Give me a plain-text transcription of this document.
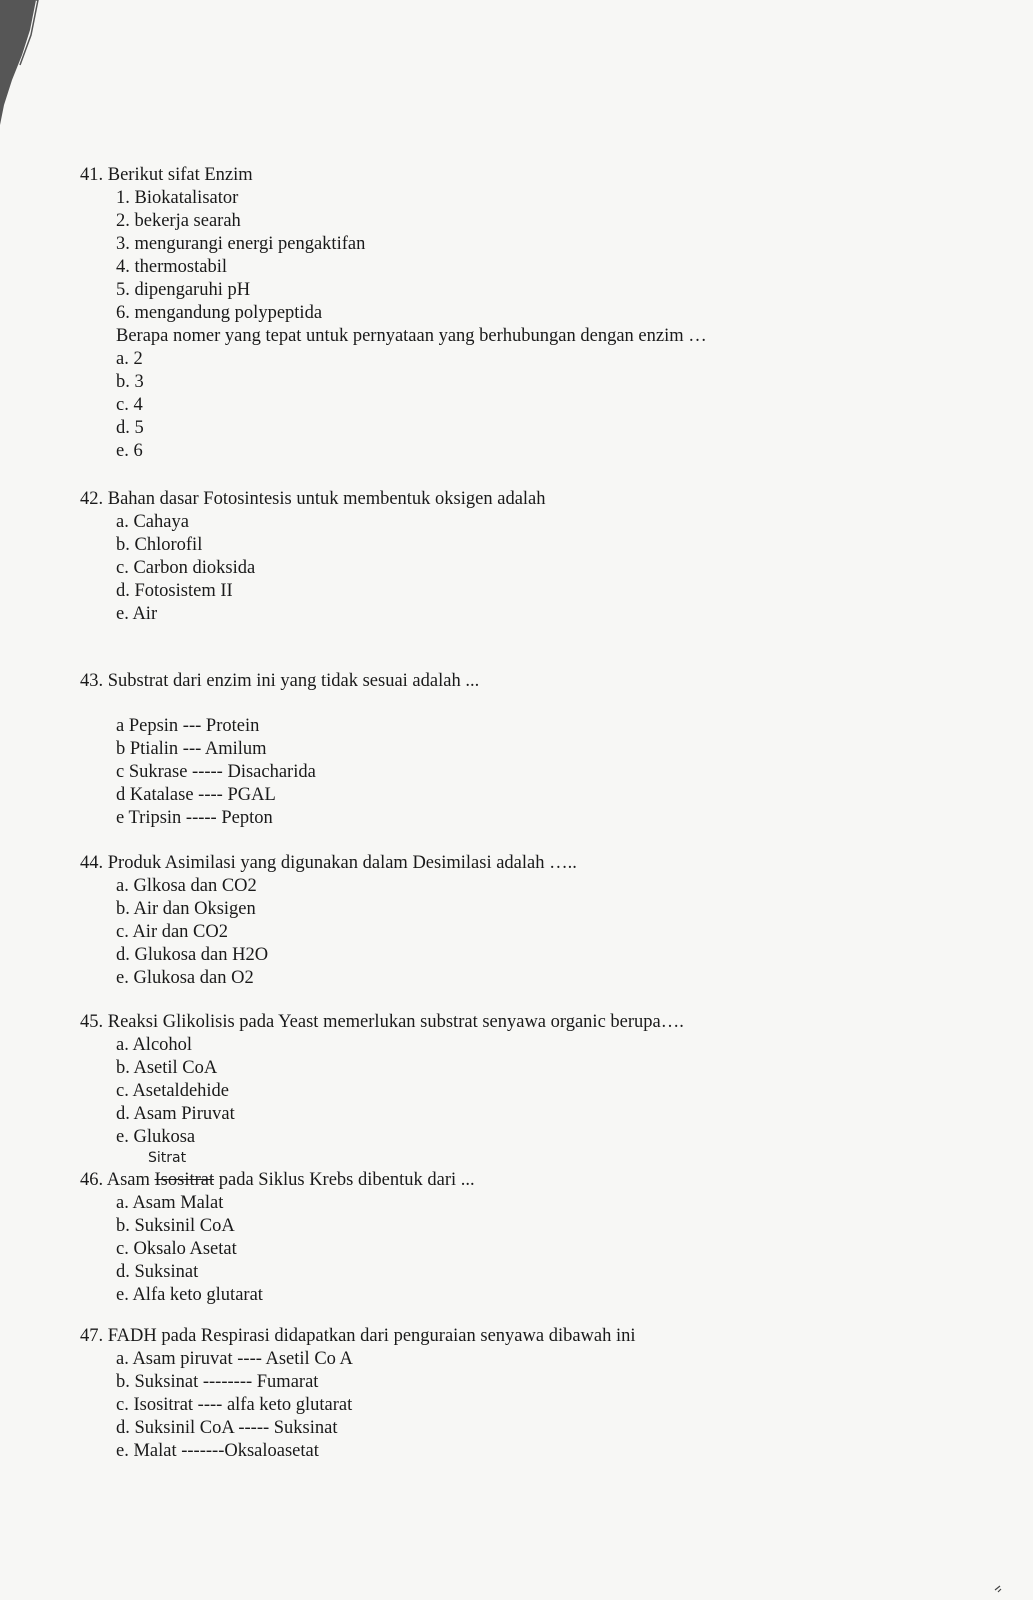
41. Berikut sifat Enzim
1. Biokatalisator
2. bekerja searah
3. mengurangi energi pengaktifan
4. thermostabil
5. dipengaruhi pH
6. mengandung polypeptida
Berapa nomer yang tepat untuk pernyataan yang berhubungan dengan enzim …
a. 2
b. 3
c. 4
d. 5
e. 6
42. Bahan dasar Fotosintesis untuk membentuk oksigen adalah
a. Cahaya
b. Chlorofil
c. Carbon dioksida
d. Fotosistem II
e. Air
43. Substrat dari enzim ini yang tidak sesuai adalah ...
a Pepsin --- Protein
b Ptialin --- Amilum
c Sukrase ----- Disacharida
d Katalase ---- PGAL
e Tripsin ----- Pepton
44. Produk Asimilasi yang digunakan dalam Desimilasi adalah …..
a. Glkosa dan CO2
b. Air dan Oksigen
c. Air dan CO2
d. Glukosa dan H2O
e. Glukosa dan O2
45. Reaksi Glikolisis pada Yeast memerlukan substrat senyawa organic berupa….
a. Alcohol
b. Asetil CoA
c. Asetaldehide
d. Asam Piruvat
e. Glukosa
Sitrat
46. Asam Isositrat pada Siklus Krebs dibentuk dari ...
a. Asam Malat
b. Suksinil CoA
c. Oksalo Asetat
d. Suksinat
e. Alfa keto glutarat
47. FADH pada Respirasi didapatkan dari penguraian senyawa dibawah ini
a. Asam piruvat ---- Asetil Co A
b. Suksinat -------- Fumarat
c. Isositrat ---- alfa keto glutarat
d. Suksinil CoA ----- Suksinat
e. Malat -------Oksaloasetat
